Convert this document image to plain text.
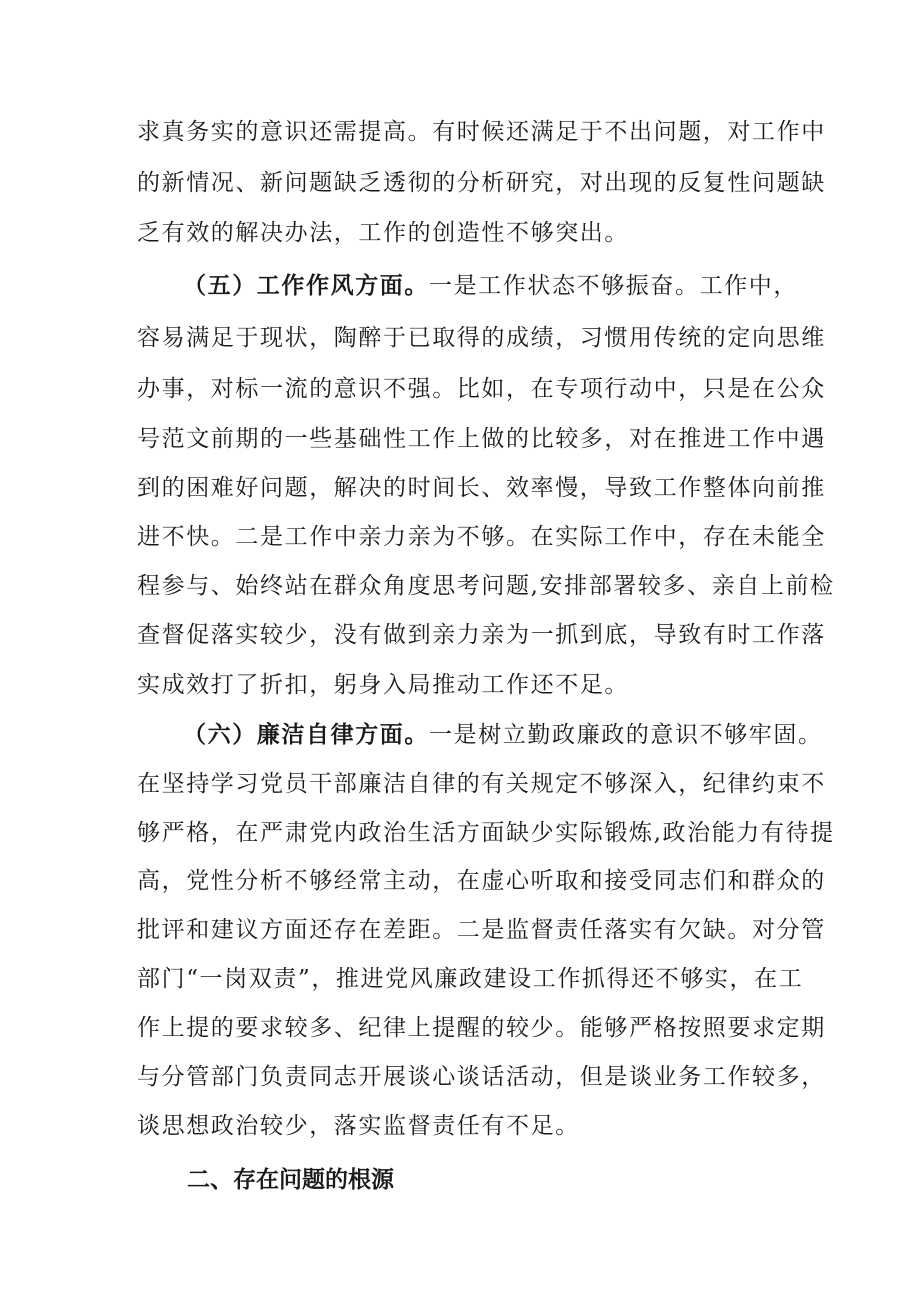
求真务实的意识还需提高。有时候还满足于不出问题，对工作中
的新情况、新问题缺乏透彻的分析研究，对出现的反复性问题缺
乏有效的解决办法，工作的创造性不够突出。
（五）工作作风方面。一是工作状态不够振奋。工作中，
容易满足于现状，陶醉于已取得的成绩，习惯用传统的定向思维
办事，对标一流的意识不强。比如，在专项行动中，只是在公众
号范文前期的一些基础性工作上做的比较多，对在推进工作中遇
到的困难好问题，解决的时间长、效率慢，导致工作整体向前推
进不快。二是工作中亲力亲为不够。在实际工作中，存在未能全
程参与、始终站在群众角度思考问题,安排部署较多、亲自上前检
查督促落实较少，没有做到亲力亲为一抓到底，导致有时工作落
实成效打了折扣，躬身入局推动工作还不足。
（六）廉洁自律方面。一是树立勤政廉政的意识不够牢固。
在坚持学习党员干部廉洁自律的有关规定不够深入，纪律约束不
够严格，在严肃党内政治生活方面缺少实际锻炼,政治能力有待提
高，党性分析不够经常主动，在虚心听取和接受同志们和群众的
批评和建议方面还存在差距。二是监督责任落实有欠缺。对分管
部门“一岗双责”，推进党风廉政建设工作抓得还不够实，在工
作上提的要求较多、纪律上提醒的较少。能够严格按照要求定期
与分管部门负责同志开展谈心谈话活动，但是谈业务工作较多，
谈思想政治较少，落实监督责任有不足。
二、存在问题的根源
